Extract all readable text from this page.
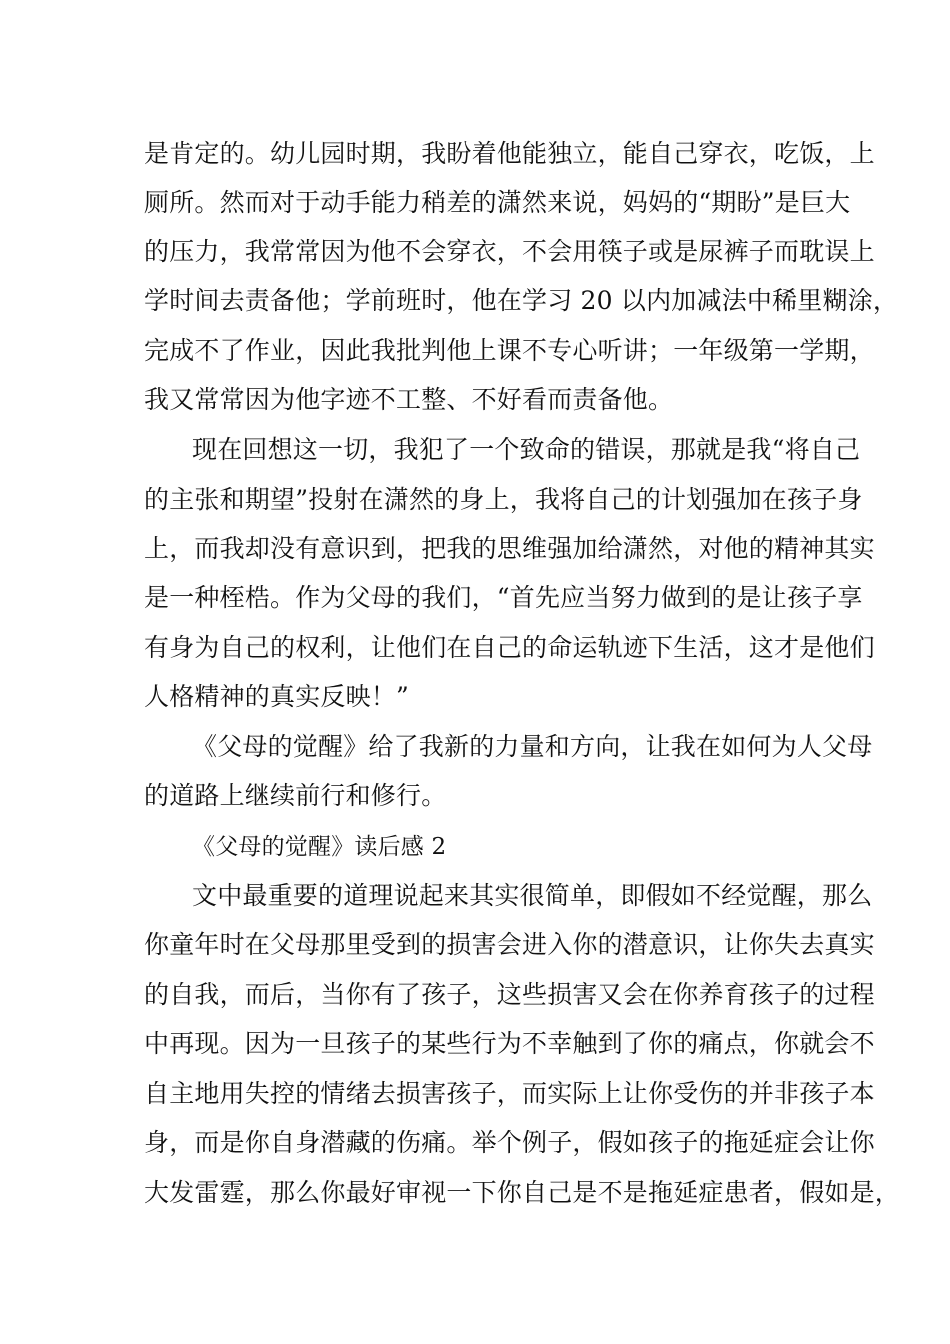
是肯定的。幼儿园时期，我盼着他能独立，能自己穿衣，吃饭，上
厕所。然而对于动手能力稍差的潇然来说，妈妈的“期盼”是巨大
的压力，我常常因为他不会穿衣，不会用筷子或是尿裤子而耽误上
学时间去责备他；学前班时，他在学习 20 以内加减法中稀里糊涂，
完成不了作业，因此我批判他上课不专心听讲；一年级第一学期，
我又常常因为他字迹不工整、不好看而责备他。
现在回想这一切，我犯了一个致命的错误，那就是我“将自己
的主张和期望”投射在潇然的身上，我将自己的计划强加在孩子身
上，而我却没有意识到，把我的思维强加给潇然，对他的精神其实
是一种桎梏。作为父母的我们，“首先应当努力做到的是让孩子享
有身为自己的权利，让他们在自己的命运轨迹下生活，这才是他们
人格精神的真实反映！”
《父母的觉醒》给了我新的力量和方向，让我在如何为人父母
的道路上继续前行和修行。
《父母的觉醒》读后感 2
文中最重要的道理说起来其实很简单，即假如不经觉醒，那么
你童年时在父母那里受到的损害会进入你的潜意识，让你失去真实
的自我，而后，当你有了孩子，这些损害又会在你养育孩子的过程
中再现。因为一旦孩子的某些行为不幸触到了你的痛点，你就会不
自主地用失控的情绪去损害孩子，而实际上让你受伤的并非孩子本
身，而是你自身潜藏的伤痛。举个例子，假如孩子的拖延症会让你
大发雷霆，那么你最好审视一下你自己是不是拖延症患者，假如是，
